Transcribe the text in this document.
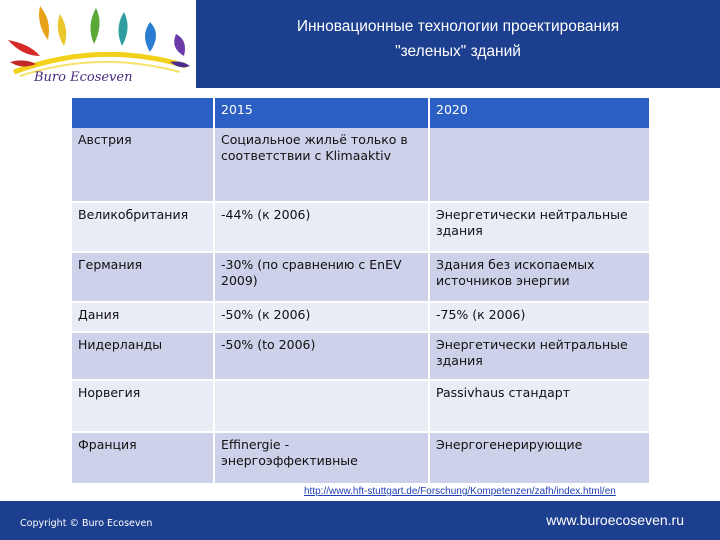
Buro Ecoseven
Инновационные технологии проектирования
"зеленых" зданий
	2015	2020
Австрия	Социальное жильё только в соответствии с Klimaaktiv	
Великобритания	-44% (к 2006)	Энергетически нейтральные здания
Германия	-30% (по сравнению с EnEV 2009)	Здания без ископаемых источников энергии
Дания	-50% (к 2006)	-75% (к 2006)
Нидерланды	-50% (to 2006)	Энергетически нейтральные здания
Норвегия		Passivhaus стандарт
Франция	Effinergie - энергоэффективные	Энергогенерирующие
http://www.hft-stuttgart.de/Forschung/Kompetenzen/zafh/index.html/en
Copyright © Buro Ecoseven	www.buroecoseven.ru
